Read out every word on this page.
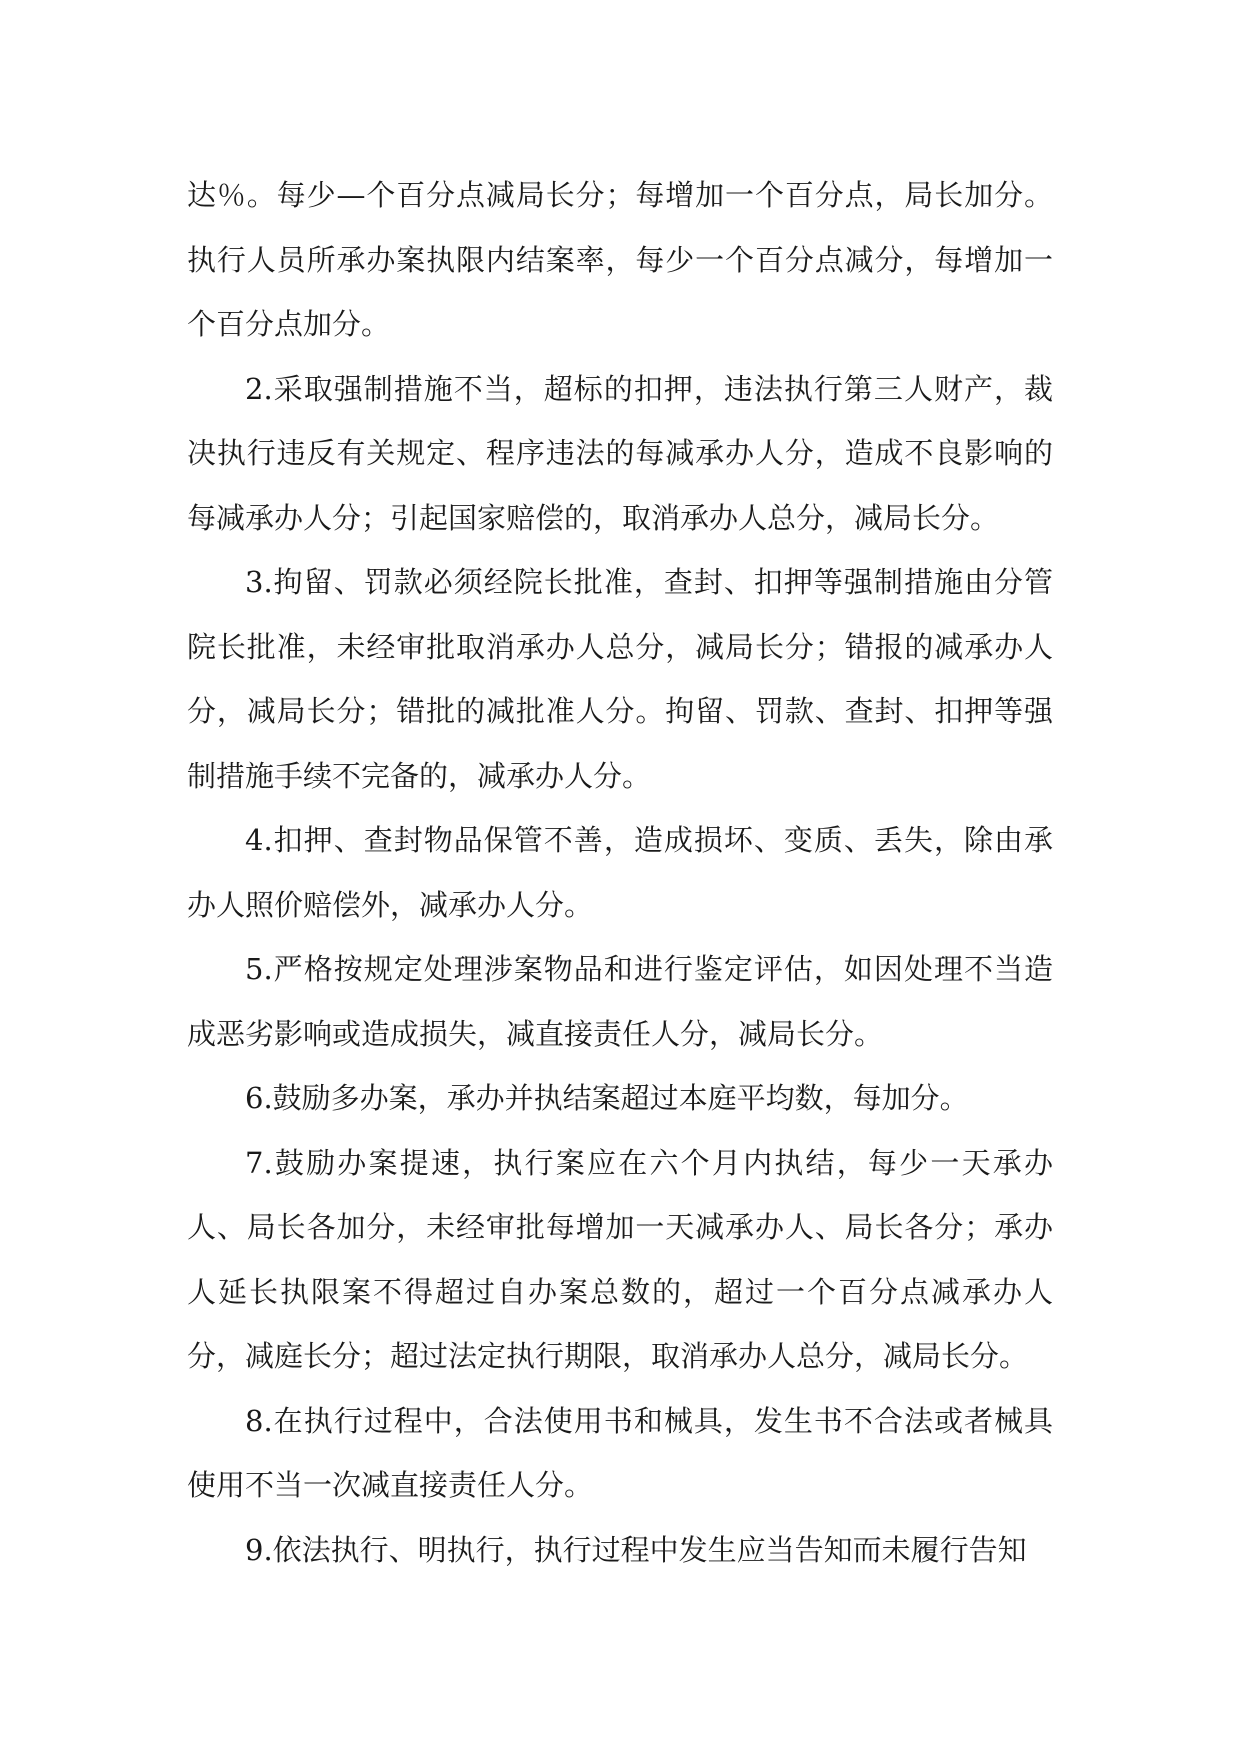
达％。每少—个百分点减局长分；每增加一个百分点，局长加分。执行人员所承办案执限内结案率，每少一个百分点减分，每增加一个百分点加分。

2.采取强制措施不当，超标的扣押，违法执行第三人财产，裁决执行违反有关规定、程序违法的每减承办人分，造成不良影响的每减承办人分；引起国家赔偿的，取消承办人总分，减局长分。

3.拘留、罚款必须经院长批准，查封、扣押等强制措施由分管院长批准，未经审批取消承办人总分，减局长分；错报的减承办人分，减局长分；错批的减批准人分。拘留、罚款、查封、扣押等强制措施手续不完备的，减承办人分。

4.扣押、查封物品保管不善，造成损坏、变质、丢失，除由承办人照价赔偿外，减承办人分。

5.严格按规定处理涉案物品和进行鉴定评估，如因处理不当造成恶劣影响或造成损失，减直接责任人分，减局长分。

6.鼓励多办案，承办并执结案超过本庭平均数，每加分。

7.鼓励办案提速，执行案应在六个月内执结，每少一天承办人、局长各加分，未经审批每增加一天减承办人、局长各分；承办人延长执限案不得超过自办案总数的，超过一个百分点减承办人分，减庭长分；超过法定执行期限，取消承办人总分，减局长分。

8.在执行过程中，合法使用书和械具，发生书不合法或者械具使用不当一次减直接责任人分。

9.依法执行、明执行，执行过程中发生应当告知而未履行告知
